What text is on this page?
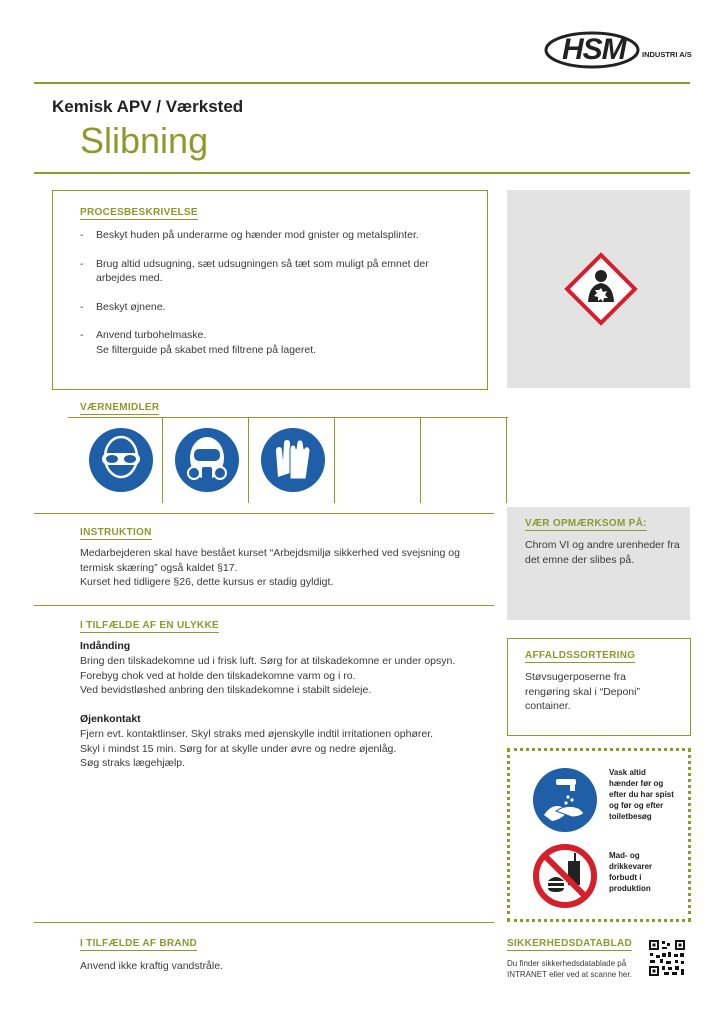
HSM INDUSTRI A/S
Kemisk APV / Værksted
Slibning
PROCESBESKRIVELSE
- Beskyt huden på underarme og hænder mod gnister og metalsplinter.
- Brug altid udsugning, sæt udsugningen så tæt som muligt på emnet der
arbejdes med.
- Beskyt øjnene.
- Anvend turbohelmaske.
Se filterguide på skabet med filtrene på lageret.
VÆRNEMIDLER
INSTRUKTION
Medarbejderen skal have bestået kurset “Arbejdsmiljø sikkerhed ved svejsning og termisk skæring” også kaldet §17.
Kurset hed tidligere §26, dette kursus er stadig gyldigt.
VÆR OPMÆRKSOM PÅ:
Chrom VI og andre urenheder fra det emne der slibes på.
I TILFÆLDE AF EN ULYKKE
Indånding
Bring den tilskadekomne ud i frisk luft. Sørg for at tilskadekomne er under opsyn.
Forebyg chok ved at holde den tilskadekomne varm og i ro.
Ved bevidstløshed anbring den tilskadekomne i stabilt sideleje.
Øjenkontakt
Fjern evt. kontaktlinser. Skyl straks med øjenskylle indtil irritationen ophører.
Skyl i mindst 15 min. Sørg for at skylle under øvre og nedre øjenlåg.
Søg straks lægehjælp.
AFFALDSSORTERING
Støvsugerposerne fra rengøring skal i “Deponi” container.
Vask altid hænder før og efter du har spist og før og efter toiletbesøg
Mad- og drikkevarer forbudt i produktion
I TILFÆLDE AF BRAND
Anvend ikke kraftig vandstråle.
SIKKERHEDSDATABLAD
Du finder sikkerhedsdatablade på INTRANET eller ved at scanne her.
